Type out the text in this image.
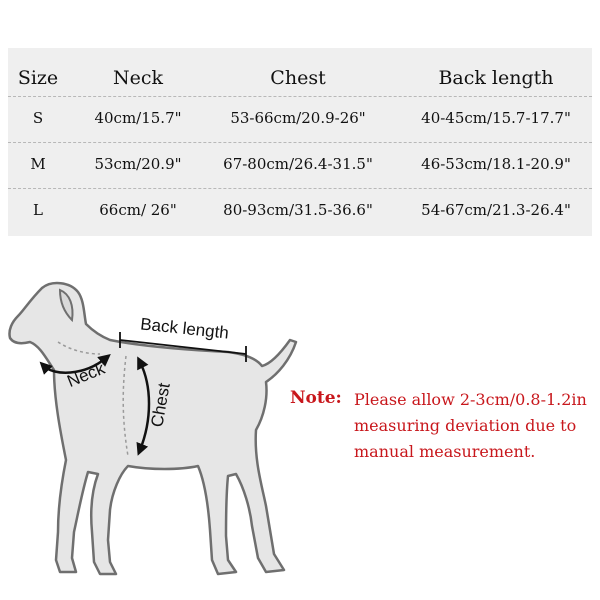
Size	Neck	Chest	Back length
S	40cm/15.7"	53-66cm/20.9-26"	40-45cm/15.7-17.7"
M	53cm/20.9"	67-80cm/26.4-31.5"	46-53cm/18.1-20.9"
L	66cm/ 26"	80-93cm/31.5-36.6"	54-67cm/21.3-26.4"
Back length
Neck
Chest	Note: Please allow 2-3cm/0.8-1.2in
measuring deviation due to
manual measurement.
